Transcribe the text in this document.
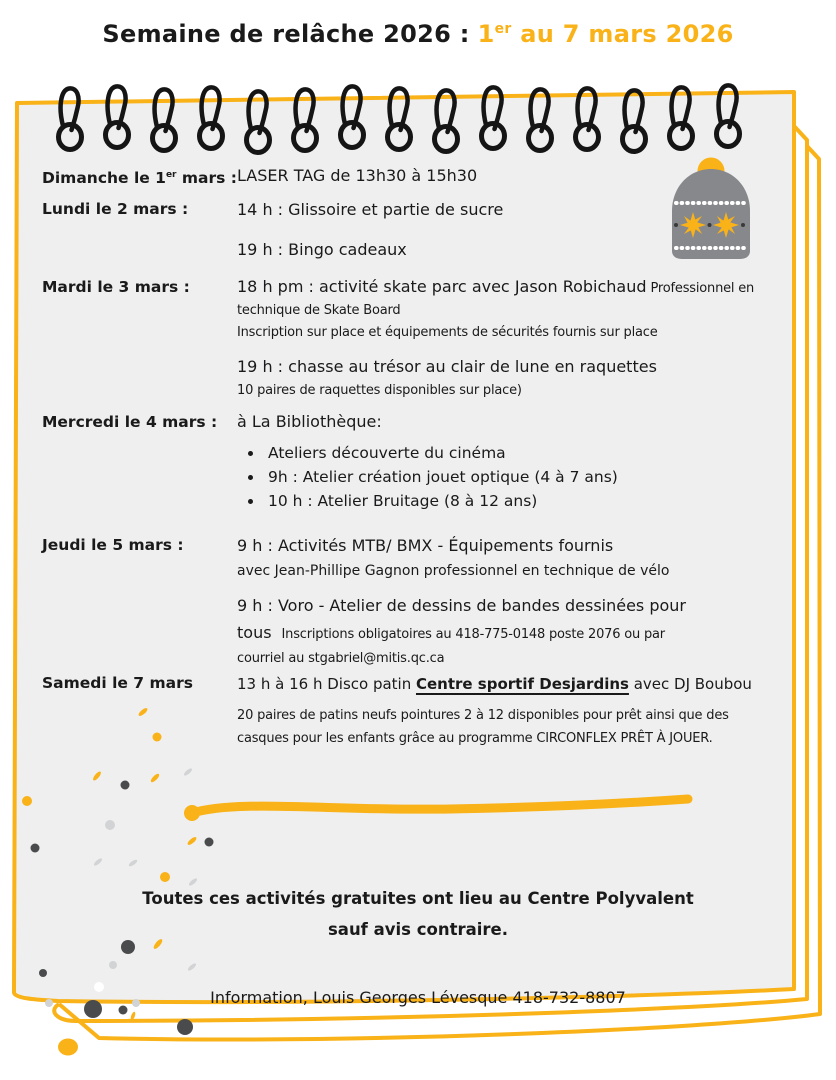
Semaine de relâche 2026 : 1er au 7 mars 2026
Dimanche le 1er mars : LASER TAG de 13h30 à 15h30

Lundi le 2 mars :	14 h : Glissoire et partie de sucre

19 h : Bingo cadeaux

Mardi le 3 mars :	18 h pm : activité skate parc avec Jason Robichaud Professionnel en

technique de Skate Board

Inscription sur place et équipements de sécurités fournis sur place

19 h : chasse au trésor au clair de lune en raquettes

10 paires de raquettes disponibles sur place)

Mercredi le 4 mars :	à La Bibliothèque:

• Ateliers découverte du cinéma
• 9h : Atelier création jouet optique (4 à 7 ans)
• 10 h : Atelier Bruitage (8 à 12 ans)
Jeudi le 5 mars :	9 h : Activités MTB/ BMX - Équipements fournis

avec Jean-Phillipe Gagnon professionnel en technique de vélo

9 h : Voro - Atelier de dessins de bandes dessinées pour

tous Inscriptions obligatoires au 418-775-0148 poste 2076 ou par

courriel au stgabriel@mitis.qc.ca

Samedi le 7 mars	13 h à 16 h Disco patin Centre sportif Desjardins avec DJ Boubou

20 paires de patins neufs pointures 2 à 12 disponibles pour prêt ainsi que des

casques pour les enfants grâce au programme CIRCONFLEX PRÊT À JOUER.

Toutes ces activités gratuites ont lieu au Centre Polyvalent
sauf avis contraire.
Information, Louis Georges Lévesque 418-732-8807
